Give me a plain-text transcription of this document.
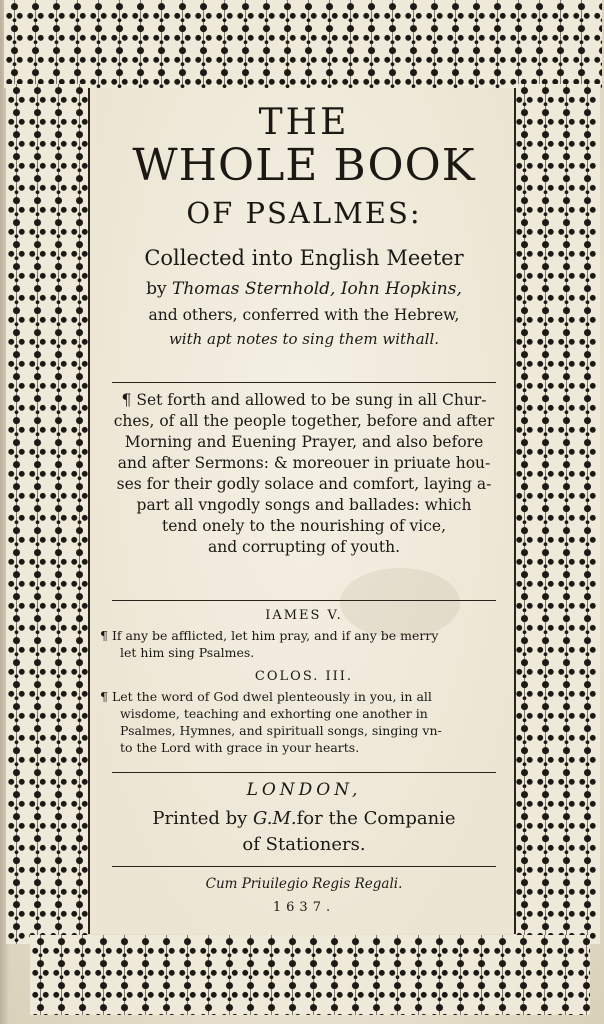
THE
WHOLE BOOK
OF PSALMES:
Collected into English Meeter
by Thomas Sternhold, Iohn Hopkins,
and others, conferred with the Hebrew,
with apt notes to sing them withall.
¶ Set forth and allowed to be sung in all Chur-
ches, of all the people together, before and after
Morning and Euening Prayer, and also before
and after Sermons: & moreouer in priuate hou-
ses for their godly solace and comfort, laying a-
part all vngodly songs and ballades: which
tend onely to the nourishing of vice,
and corrupting of youth.
IAMES V.
¶ If any be afflicted, let him pray, and if any be merry
let him sing Psalmes.
COLOS. III.
¶ Let the word of God dwel plenteously in you, in all
wisdome, teaching and exhorting one another in
Psalmes, Hymnes, and spirituall songs, singing vn-
to the Lord with grace in your hearts.
LONDON,
Printed by G.M.for the Companie
of Stationers.
Cum Priuilegio Regis Regali.
1637.
